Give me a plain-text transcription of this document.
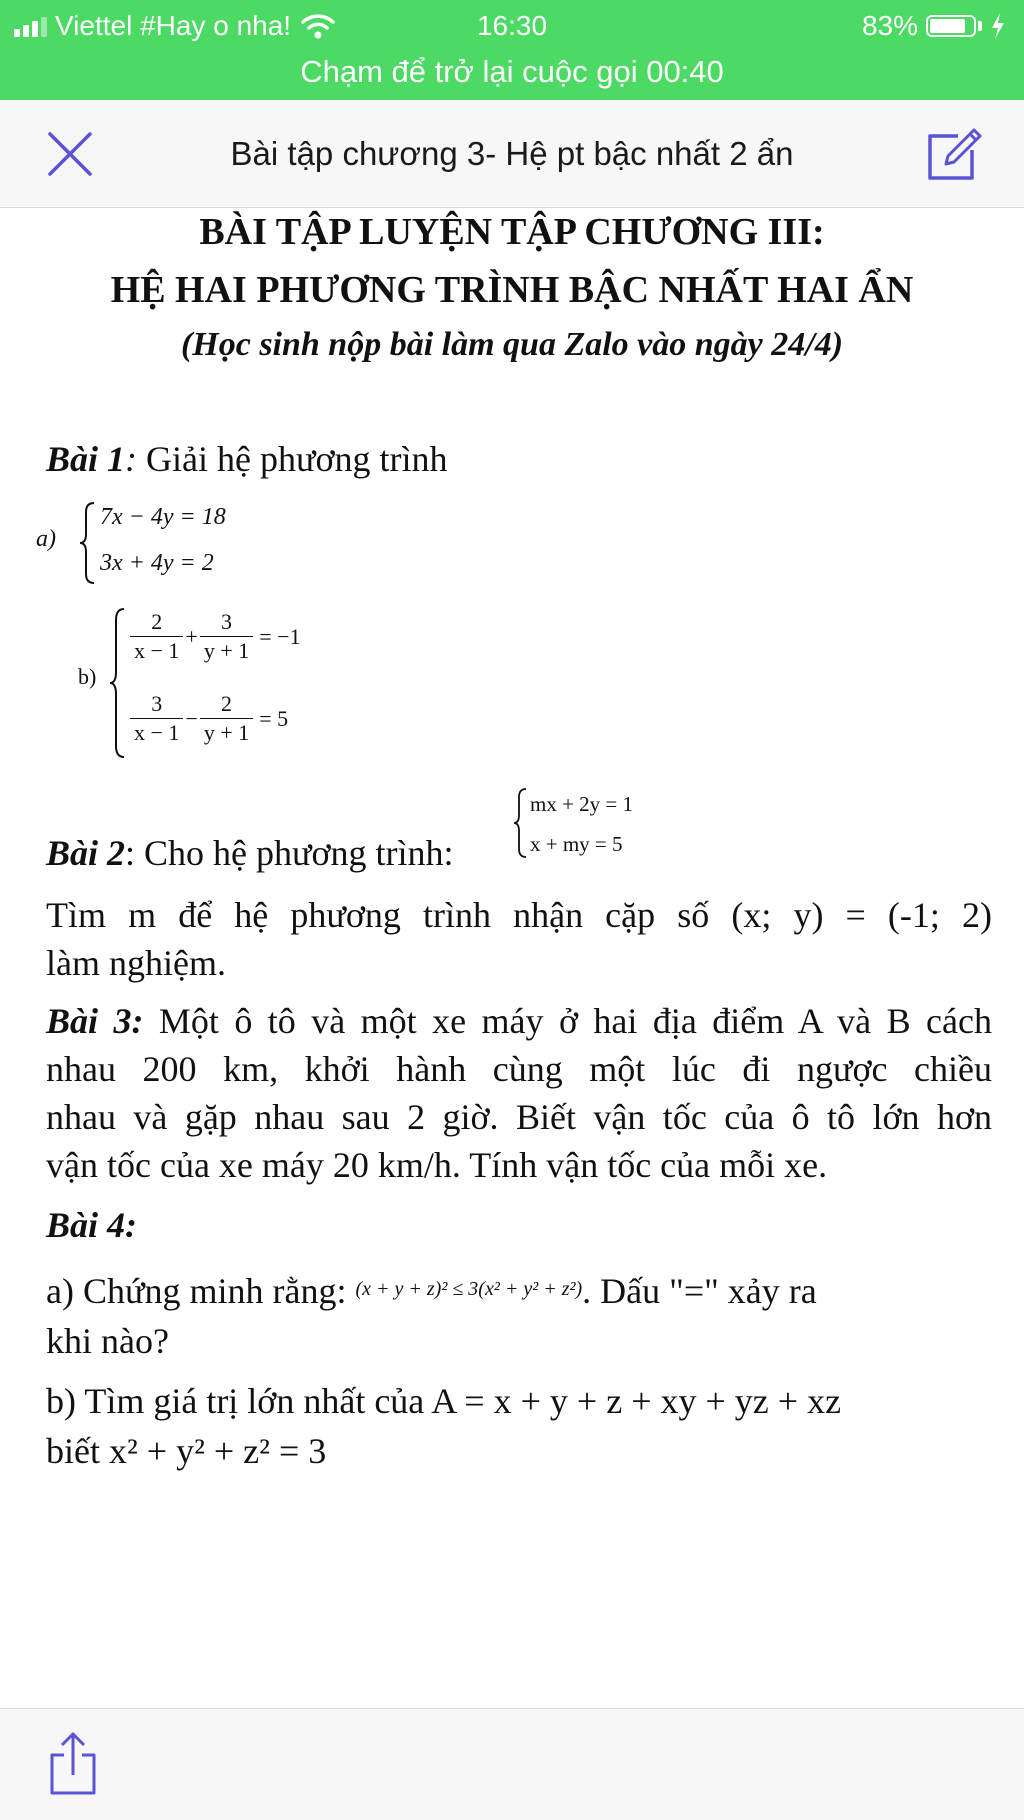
Viettel #Hay o nha!	16:30	83%
Chạm để trở lại cuộc gọi 00:40
Bài tập chương 3- Hệ pt bậc nhất 2 ẩn
BÀI TẬP LUYỆN TẬP CHƯƠNG III:
HỆ HAI PHƯƠNG TRÌNH BẬC NHẤT HAI ẨN
(Học sinh nộp bài làm qua Zalo vào ngày 24/4)
Bài 1: Giải hệ phương trình
a)
7x − 4y = 18
3x + 4y = 2
b)
$\frac{2}{x - 1} + \frac{3}{y + 1} = -1$
$\frac{3}{x - 1} - \frac{2}{y + 1} = 5$
Bài 2: Cho hệ phương trình:
mx + 2y = 1
x + my = 5
Tìm m để hệ phương trình nhận cặp số (x; y) = (-1; 2)
làm nghiệm.
Bài 3: Một ô tô và một xe máy ở hai địa điểm A và B cách
nhau 200 km, khởi hành cùng một lúc đi ngược chiều
nhau và gặp nhau sau 2 giờ. Biết vận tốc của ô tô lớn hơn
vận tốc của xe máy 20 km/h. Tính vận tốc của mỗi xe.
Bài 4:
a) Chứng minh rằng: $^{(x + y + z)^2 \le 3(x^2 + y^2 + z^2)}$. Dấu "=" xảy ra
khi nào?
b) Tìm giá trị lớn nhất của A = x + y + z + xy + yz + xz
biết x² + y² + z² = 3
